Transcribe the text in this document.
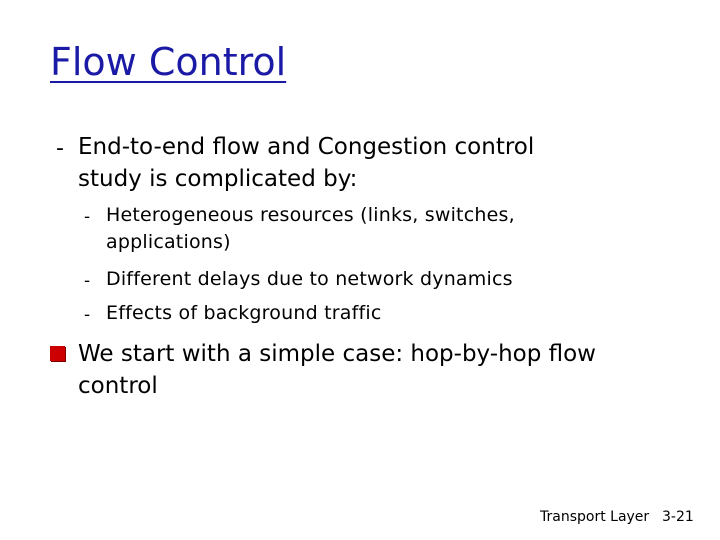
Flow Control
- End-to-end flow and Congestion control study is complicated by:
- Heterogeneous resources (links, switches, applications)
- Different delays due to network dynamics
- Effects of background traffic
We start with a simple case: hop-by-hop flow control
Transport Layer 3-21
